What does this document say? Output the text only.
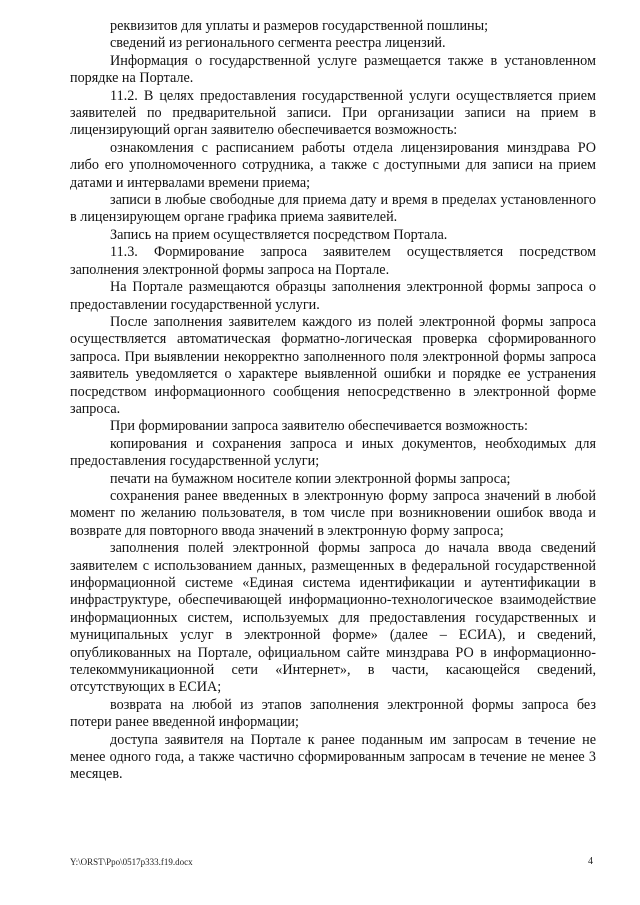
реквизитов для уплаты и размеров государственной пошлины;

сведений из регионального сегмента реестра лицензий.

Информация о государственной услуге размещается также в установленном порядке на Портале.

11.2. В целях предоставления государственной услуги осуществляется прием заявителей по предварительной записи. При организации записи на прием в лицензирующий орган заявителю обеспечивается возможность:

ознакомления с расписанием работы отдела лицензирования минздрава РО либо его уполномоченного сотрудника, а также с доступными для записи на прием датами и интервалами времени приема;

записи в любые свободные для приема дату и время в пределах установленного в лицензирующем органе графика приема заявителей.

Запись на прием осуществляется посредством Портала.

11.3. Формирование запроса заявителем осуществляется посредством заполнения электронной формы запроса на Портале.

На Портале размещаются образцы заполнения электронной формы запроса о предоставлении государственной услуги.

После заполнения заявителем каждого из полей электронной формы запроса осуществляется автоматическая форматно-логическая проверка сформированного запроса. При выявлении некорректно заполненного поля электронной формы запроса заявитель уведомляется о характере выявленной ошибки и порядке ее устранения посредством информационного сообщения непосредственно в электронной форме запроса.

При формировании запроса заявителю обеспечивается возможность:

копирования и сохранения запроса и иных документов, необходимых для предоставления государственной услуги;

печати на бумажном носителе копии электронной формы запроса;

сохранения ранее введенных в электронную форму запроса значений в любой момент по желанию пользователя, в том числе при возникновении ошибок ввода и возврате для повторного ввода значений в электронную форму запроса;

заполнения полей электронной формы запроса до начала ввода сведений заявителем с использованием данных, размещенных в федеральной государственной информационной системе «Единая система идентификации и аутентификации в инфраструктуре, обеспечивающей информационно-технологическое взаимодействие информационных систем, используемых для предоставления государственных и муниципальных услуг в электронной форме» (далее – ЕСИА), и сведений, опубликованных на Портале, официальном сайте минздрава РО в информационно-телекоммуникационной сети «Интернет», в части, касающейся сведений, отсутствующих в ЕСИА;

возврата на любой из этапов заполнения электронной формы запроса без потери ранее введенной информации;

доступа заявителя на Портале к ранее поданным им запросам в течение не менее одного года, а также частично сформированным запросам в течение не менее 3 месяцев.

Y:\ORST\Ppo\0517p333.f19.docx	4
